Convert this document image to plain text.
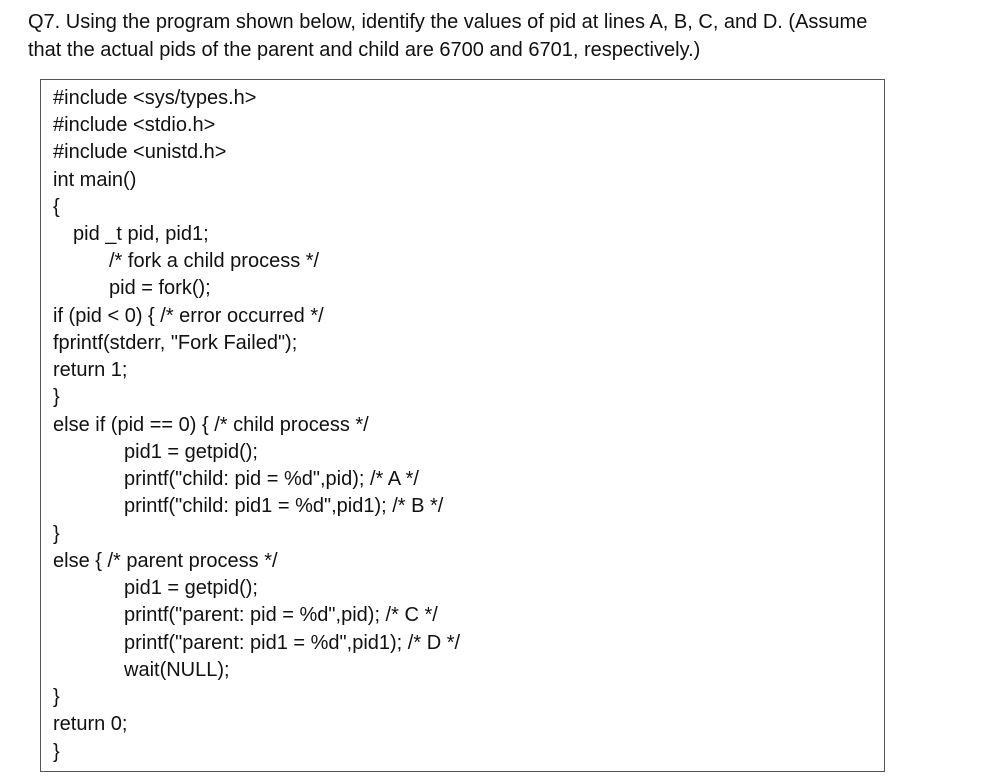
Q7. Using the program shown below, identify the values of pid at lines A, B, C, and D. (Assume
that the actual pids of the parent and child are 6700 and 6701, respectively.)
#include <sys/types.h>
#include <stdio.h>
#include <unistd.h>
int main()
{
pid _t pid, pid1;
/* fork a child process */
pid = fork();
if (pid < 0) { /* error occurred */
fprintf(stderr, "Fork Failed");
return 1;
}
else if (pid == 0) { /* child process */
pid1 = getpid();
printf("child: pid = %d",pid); /* A */
printf("child: pid1 = %d",pid1); /* B */
}
else { /* parent process */
pid1 = getpid();
printf("parent: pid = %d",pid); /* C */
printf("parent: pid1 = %d",pid1); /* D */
wait(NULL);
}
return 0;
}
